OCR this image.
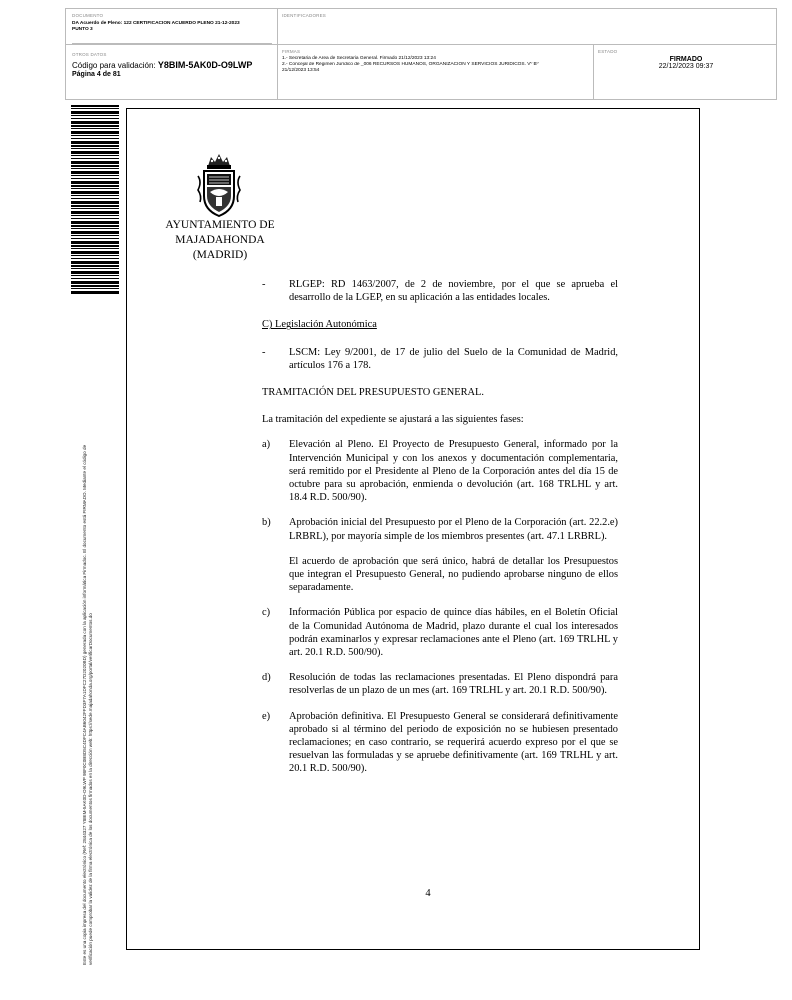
DOCUMENTO
DA Acuerdo de Pleno: 122 CERTIFICACION ACUERDO PLENO 21-12-2023 PUNTO 3
IDENTIFICADORES
OTROS DATOS
Código para validación: Y8BIM-5AK0D-O9LWP
Página 4 de 81
FIRMAS
1.- Secretaria de Area de Secretaria General. Firmado 21/12/2023 13:24
2.- Concejal de Régimen Jurídico de _006 RECURSOS HUMANOS, ORGANIZACIÓN Y SERVICIOS JURIDICOS. Vº Bº
21/12/2023 13:54
ESTADO
FIRMADO
22/12/2023 09:37
Este es una copia impresa del documento electrónico (Ref: 2844327 Y8BIM-5AK0D-O9LWP 98F0C0B8D5C4DFC4AB6042FFD3F7A1DFC27D2020BD) generada con la aplicación informática Firmadoc. El documento está FIRMADO. Mediante el código de verificación puede comprobar la validez de la firma electrónica de los documentos firmados en la dirección web: https://sede.majadahonda.org/portal/verificarDocumentos.do
AYUNTAMIENTO DE
MAJADAHONDA
(MADRID)
- RLGEP: RD 1463/2007, de 2 de noviembre, por el que se aprueba el desarrollo de la LGEP, en su aplicación a las entidades locales.
C) Legislación Autonómica
- LSCM: Ley 9/2001, de 17 de julio del Suelo de la Comunidad de Madrid, artículos 176 a 178.
TRAMITACIÓN DEL PRESUPUESTO GENERAL.
La tramitación del expediente se ajustará a las siguientes fases:
a) Elevación al Pleno. El Proyecto de Presupuesto General, informado por la Intervención Municipal y con los anexos y documentación complementaria, será remitido por el Presidente al Pleno de la Corporación antes del día 15 de octubre para su aprobación, enmienda o devolución (art. 168 TRLHL y art. 18.4 R.D. 500/90).
b) Aprobación inicial del Presupuesto por el Pleno de la Corporación (art. 22.2.e) LRBRL), por mayoría simple de los miembros presentes (art. 47.1 LRBRL).
El acuerdo de aprobación que será único, habrá de detallar los Presupuestos que integran el Presupuesto General, no pudiendo aprobarse ninguno de ellos separadamente.
c) Información Pública por espacio de quince días hábiles, en el Boletín Oficial de la Comunidad Autónoma de Madrid, plazo durante el cual los interesados podrán examinarlos y expresar reclamaciones ante el Pleno (art. 169 TRLHL y art. 20.1 R.D. 500/90).
d) Resolución de todas las reclamaciones presentadas. El Pleno dispondrá para resolverlas de un plazo de un mes (art. 169 TRLHL y art. 20.1 R.D. 500/90).
e) Aprobación definitiva. El Presupuesto General se considerará definitivamente aprobado si al término del periodo de exposición no se hubiesen presentado reclamaciones; en caso contrario, se requerirá acuerdo expreso por el que se resuelvan las formuladas y se apruebe definitivamente (art. 169 TRLHL y art. 20.1 R.D. 500/90).
4
